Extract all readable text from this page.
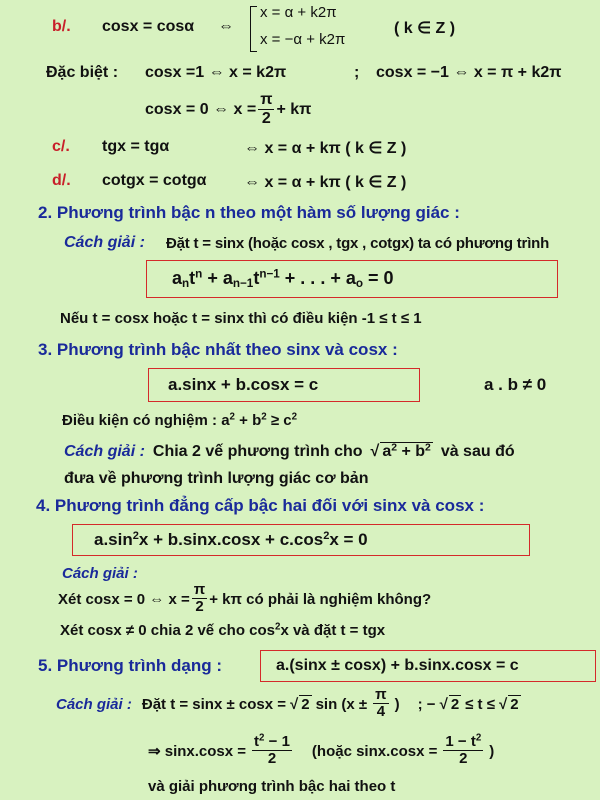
b/. cosx = cosα ⇔
x = α + k2π
x = −α + k2π
( k ∈ Z )
Đặc biệt : cosx =1 ⇔ x = k2π	; cosx = −1 ⇔ x = π + k2π
cosx = 0 ⇔ $x = \frac{\pi}{2} + k\pi$
c/. tgx = tgα	⇔ x = α + kπ ( k ∈ Z )
d/. cotgx = cotgα ⇔ x = α + kπ ( k ∈ Z )
2. Phương trình bậc n theo một hàm số lượng giác :
Cách giải : Đặt t = sinx (hoặc cosx , tgx , cotgx) ta có phương trình
$a_nt^n + a_{n-1}t^{n-1}$ + . . . + $a_o = 0$
Nếu t = cosx hoặc t = sinx thì có điều kiện -1 ≤ t ≤ 1
3. Phương trình bậc nhất theo sinx và cosx :
a.sinx + b.cosx = c	a . b ≠ 0
Điều kiện có nghiệm : $a^2 + b^2 \ge c^2$
Cách giải : Chia 2 vế phương trình cho √ $a^2 + b^2$ và sau đó
đưa về phương trình lượng giác cơ bản
4. Phương trình đẳng cấp bậc hai đối với sinx và cosx :
$a.\sin^2x + b.\sin x.\cos x + c.\cos^2x = 0$
Cách giải :
Xét cosx = 0 ⇔ $x = \frac{\pi}{2} + k\pi$ có phải là nghiệm không?
Xét cosx ≠ 0 chia 2 vế cho $\cos^2x$ và đặt t = tgx
5. Phương trình dạng :	a.(sinx ± cosx) + b.sinx.cosx = c
Cách giải : Đặt t = sinx ± cosx = √ 2 $\sin (x \pm \frac{\pi}{4}$ ) ; − √ 2 ≤ t ≤ √ 2
⇒ $\sin x.\cos x = \frac{t^2 - 1}{2}$ (hoặc $\sin x.\cos x = \frac{1 - t^2}{2}$ )
và giải phương trình bậc hai theo t
